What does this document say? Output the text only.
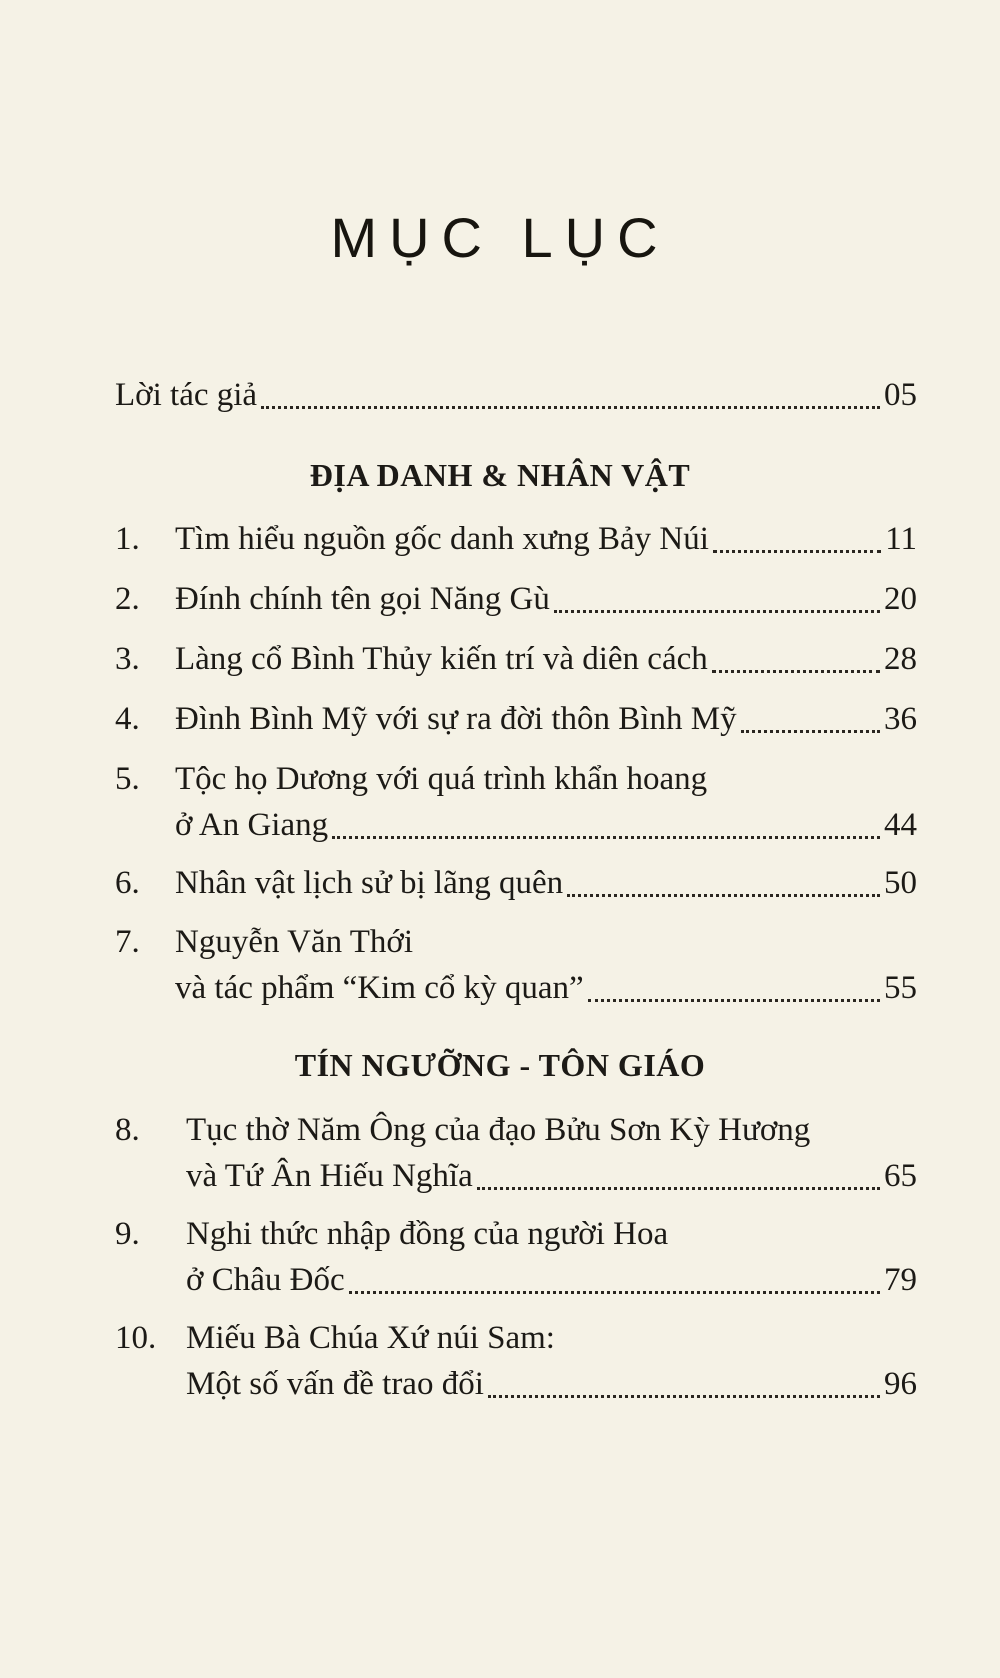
MỤC LỤC
Lời tác giả	05
ĐỊA DANH & NHÂN VẬT
1.	Tìm hiểu nguồn gốc danh xưng Bảy Núi	11
2.	Đính chính tên gọi Năng Gù	20
3.	Làng cổ Bình Thủy kiến trí và diên cách	28
4.	Đình Bình Mỹ với sự ra đời thôn Bình Mỹ	36
5.	Tộc họ Dương với quá trình khẩn hoang
ở An Giang	44
6.	Nhân vật lịch sử bị lãng quên	50
7.	Nguyễn Văn Thới
và tác phẩm “Kim cổ kỳ quan”	55
TÍN NGƯỠNG - TÔN GIÁO
8.	Tục thờ Năm Ông của đạo Bửu Sơn Kỳ Hương
và Tứ Ân Hiếu Nghĩa	65
9.	Nghi thức nhập đồng của người Hoa
ở Châu Đốc	79
10. Miếu Bà Chúa Xứ núi Sam:
Một số vấn đề trao đổi	96
